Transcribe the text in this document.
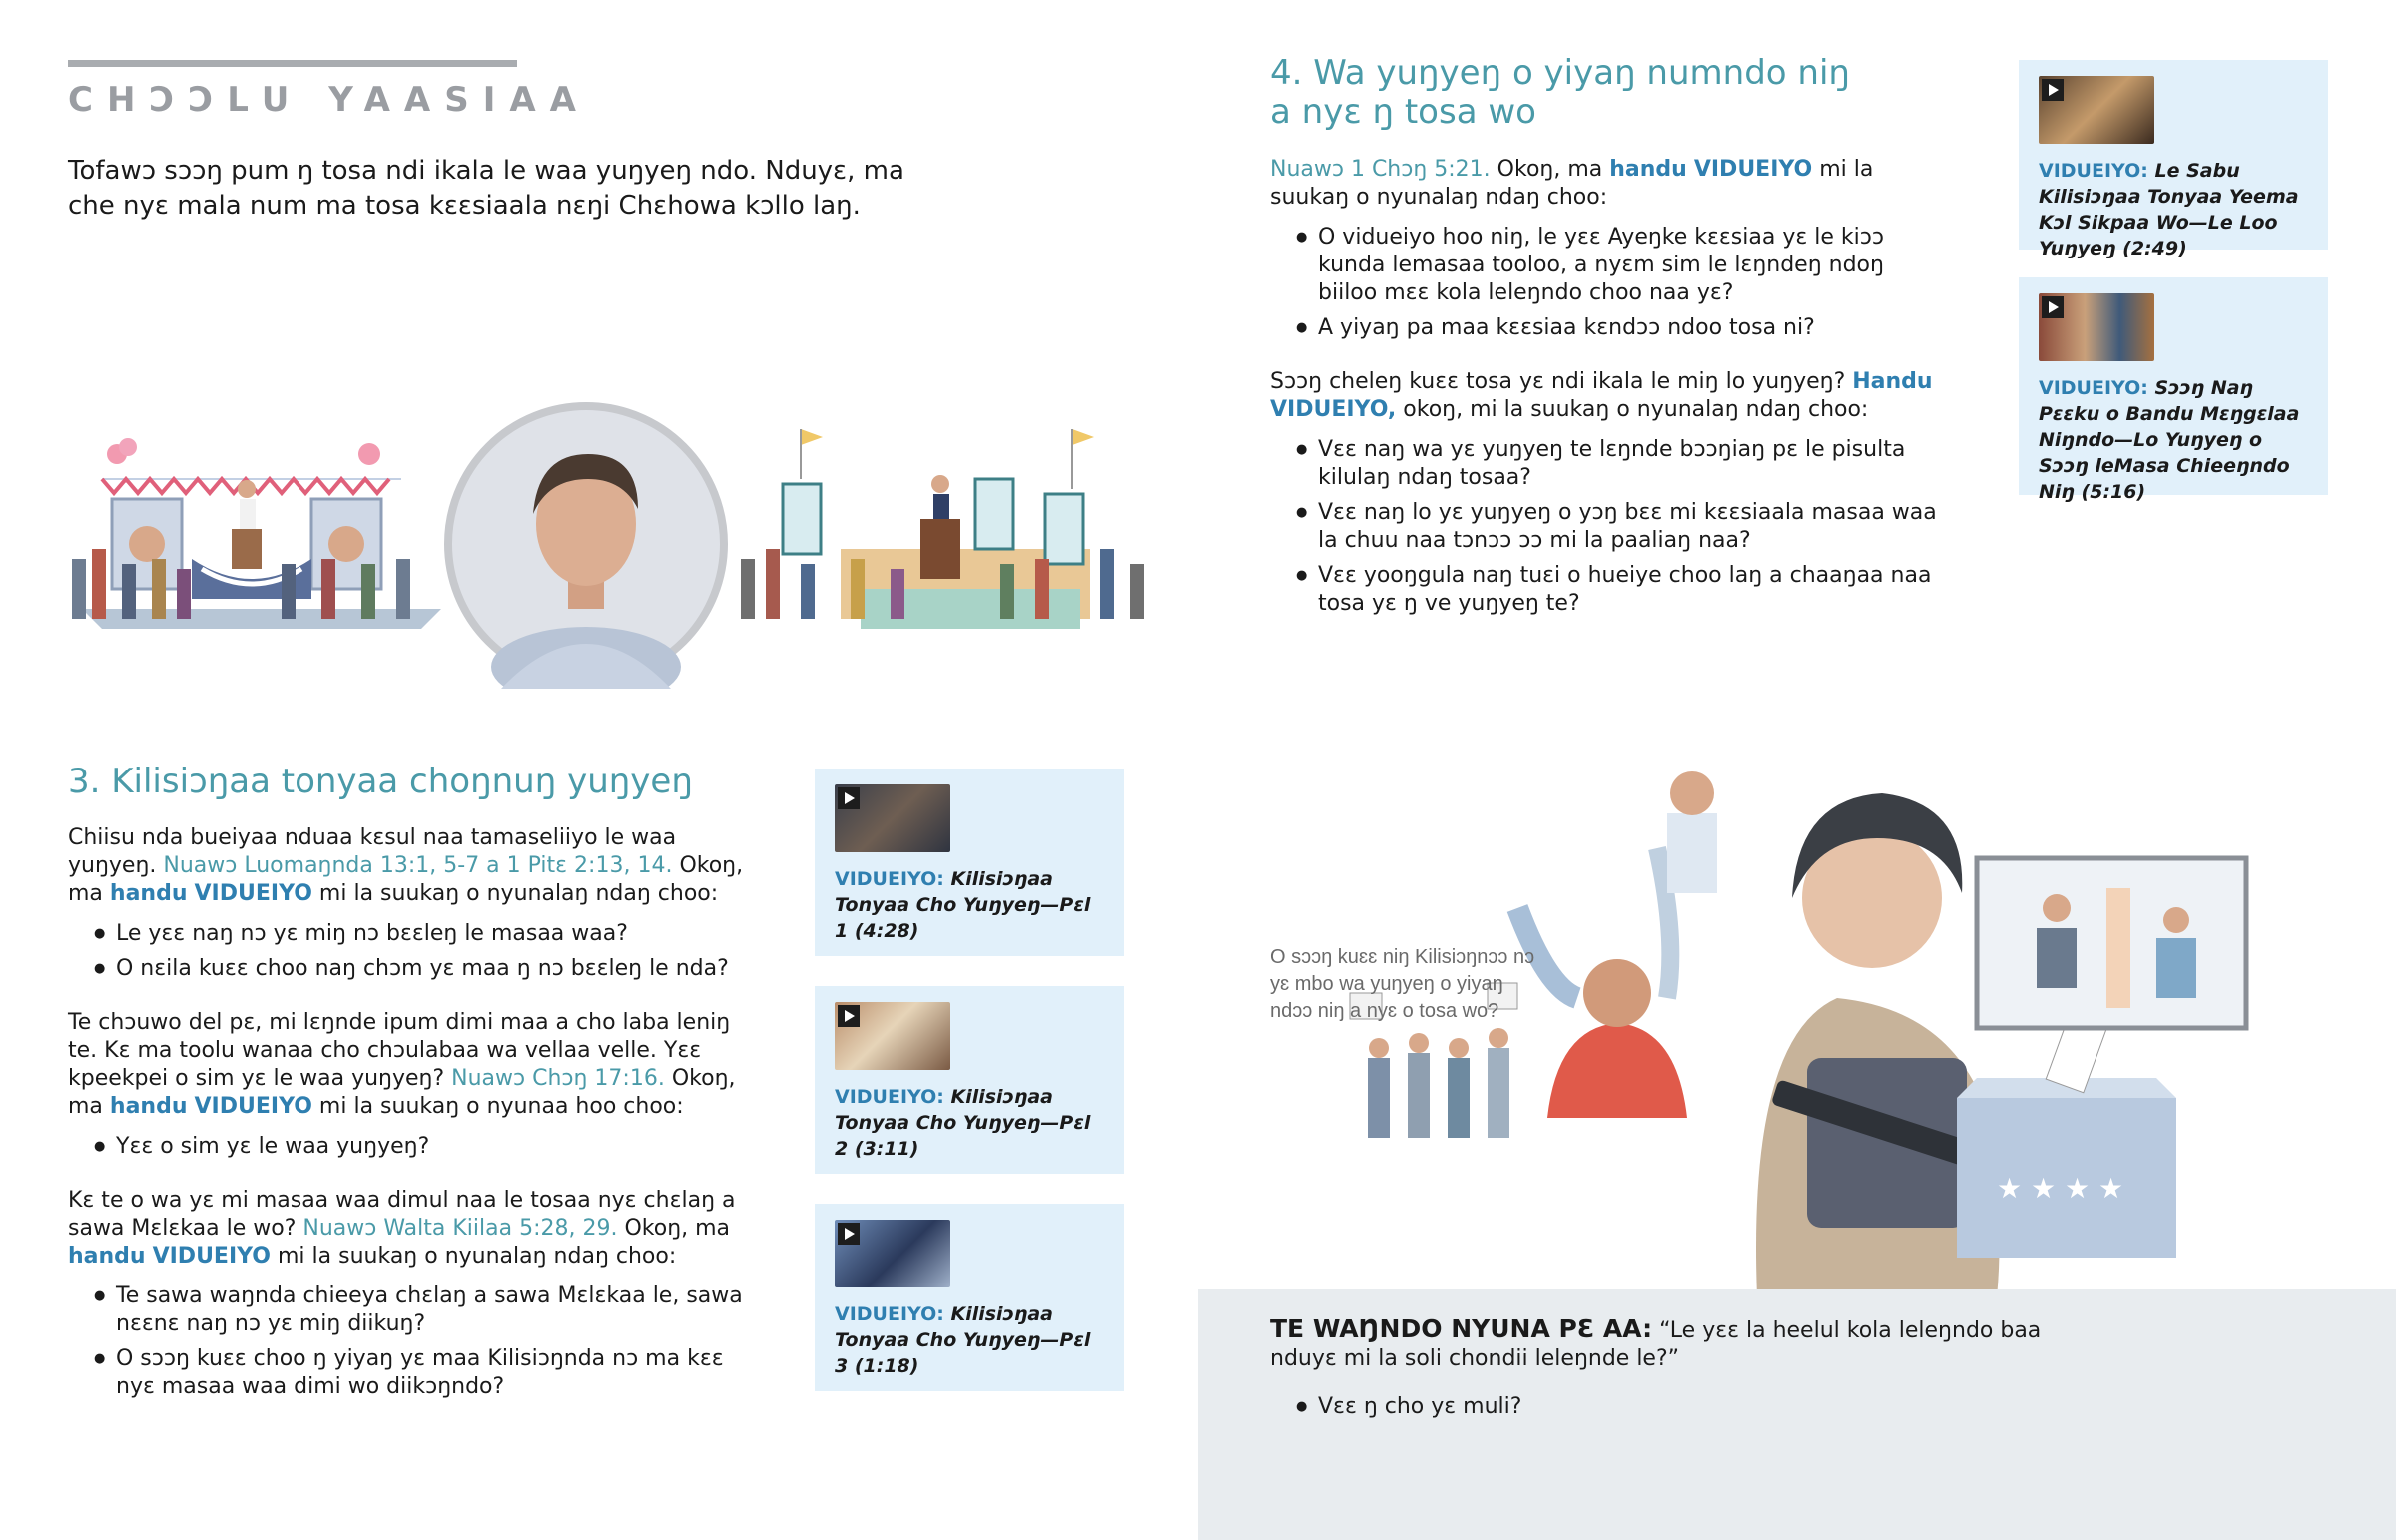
CHƆƆLU YAASIAA

Tofawɔ sɔɔŋ pum ŋ tosa ndi ikala le waa yuŋyeŋ ndo. Nduyɛ, ma che nyɛ mala num ma tosa kɛɛsiaala nɛŋi Chɛhowa kɔllo laŋ.

3. Kilisiɔŋaa tonyaa choŋnuŋ yuŋyeŋ

Chiisu nda bueiyaa nduaa kɛsul naa tamaseliiyo le waa yuŋyeŋ. Nuawɔ Luomaŋnda 13:1, 5-7 a 1 Pitɛ 2:13, 14. Okoŋ, ma handu VIDUEIYO mi la suukaŋ o nyunalaŋ ndaŋ choo:

● Le yɛɛ naŋ nɔ yɛ miŋ nɔ bɛɛleŋ le masaa waa?
● O nɛila kuɛɛ choo naŋ chɔm yɛ maa ŋ nɔ bɛɛleŋ le nda?

Te chɔuwo del pɛ, mi lɛŋnde ipum dimi maa a cho laba leniŋ te. Kɛ ma toolu wanaa cho chɔulabaa wa vellaa velle. Yɛɛ kpeekpei o sim yɛ le waa yuŋyeŋ? Nuawɔ Chɔŋ 17:16. Okoŋ, ma handu VIDUEIYO mi la suukaŋ o nyunaa hoo choo:

● Yɛɛ o sim yɛ le waa yuŋyeŋ?

Kɛ te o wa yɛ mi masaa waa dimul naa le tosaa nyɛ chɛlaŋ a sawa Mɛlɛkaa le wo? Nuawɔ Walta Kiilaa 5:28, 29. Okoŋ, ma handu VIDUEIYO mi la suukaŋ o nyunalaŋ ndaŋ choo:

● Te sawa waŋnda chieeya chɛlaŋ a sawa Mɛlɛkaa le, sawa nɛɛnɛ naŋ nɔ yɛ miŋ diikuŋ?
● O sɔɔŋ kuɛɛ choo ŋ yiyaŋ yɛ maa Kilisiɔŋnda nɔ ma kɛɛ nyɛ masaa waa dimi wo diikɔŋndo?
VIDUEIYO: Kilisiɔŋaa Tonyaa Cho Yuŋyeŋ—Pɛl 1 (4:28)
VIDUEIYO: Kilisiɔŋaa Tonyaa Cho Yuŋyeŋ—Pɛl 2 (3:11)
VIDUEIYO: Kilisiɔŋaa Tonyaa Cho Yuŋyeŋ—Pɛl 3 (1:18)
4. Wa yuŋyeŋ o yiyaŋ numndo niŋ
a nyɛ ŋ tosa wo

Nuawɔ 1 Chɔŋ 5:21. Okoŋ, ma handu VIDUEIYO mi la suukaŋ o nyunalaŋ ndaŋ choo:

● O vidueiyo hoo niŋ, le yɛɛ Ayeŋke kɛɛsiaa yɛ le kiɔɔ kunda lemasaa tooloo, a nyɛm sim le lɛŋndeŋ ndoŋ biiloo mɛɛ kola leleŋndo choo naa yɛ?
● A yiyaŋ pa maa kɛɛsiaa kɛndɔɔ ndoo tosa ni?

Sɔɔŋ cheleŋ kuɛɛ tosa yɛ ndi ikala le miŋ lo yuŋyeŋ? Handu VIDUEIYO, okoŋ, mi la suukaŋ o nyunalaŋ ndaŋ choo:

● Vɛɛ naŋ wa yɛ yuŋyeŋ te lɛŋnde bɔɔŋiaŋ pɛ le pisulta kilulaŋ ndaŋ tosaa?
● Vɛɛ naŋ lo yɛ yuŋyeŋ o yɔŋ bɛɛ mi kɛɛsiaala masaa waa la chuu naa tɔnɔɔ ɔɔ mi la paaliaŋ naa?
● Vɛɛ yooŋgula naŋ tuɛi o hueiye choo laŋ a chaaŋaa naa tosa yɛ ŋ ve yuŋyeŋ te?
VIDUEIYO: Le Sabu Kilisiɔŋaa Tonyaa Yeema Kɔl Sikpaa Wo—Le Loo Yuŋyeŋ (2:49)
VIDUEIYO: Sɔɔŋ Naŋ Pɛɛku o Bandu Mɛŋgɛlaa Niŋndo—Lo Yuŋyeŋ o Sɔɔŋ leMasa Chieeŋndo Niŋ (5:16)
★ ★ ★ ★
O sɔɔŋ kuɛɛ niŋ Kilisiɔŋnɔɔ nɔ yɛ mbo wa yuŋyeŋ o yiyaŋ ndɔɔ niŋ a nyɛ o tosa wo?
TE WAŊNDO NYUNA PƐ AA: “Le yɛɛ la heelul kola leleŋndo baa nduyɛ mi la soli chondii leleŋnde le?”
● Vɛɛ ŋ cho yɛ muli?
